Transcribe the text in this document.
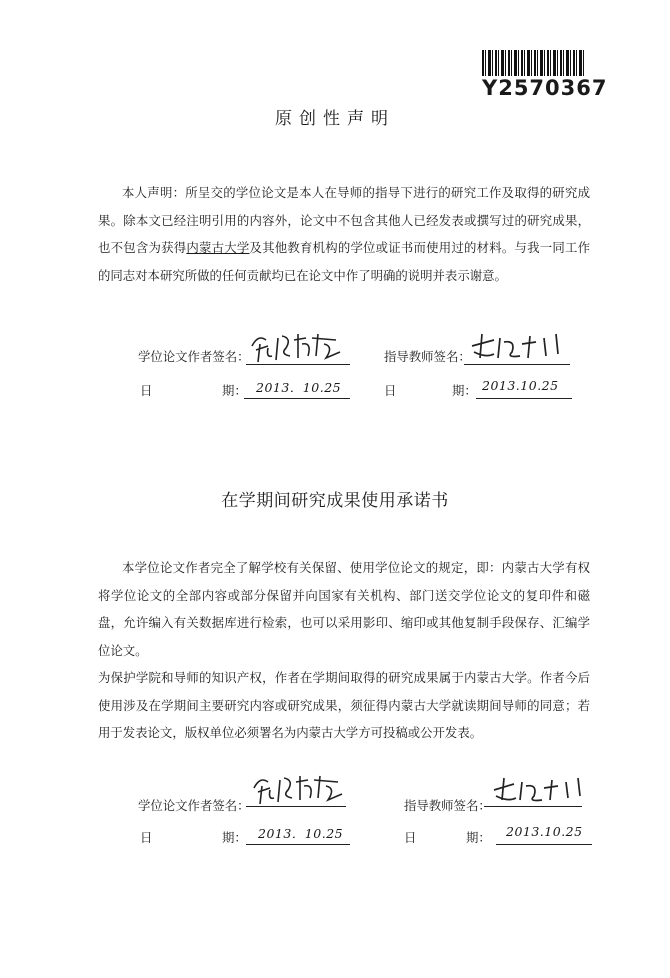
Y2570367
原创性声明
本人声明：所呈交的学位论文是本人在导师的指导下进行的研究工作及取得的研究成果。除本文已经注明引用的内容外，论文中不包含其他人已经发表或撰写过的研究成果，也不包含为获得内蒙古大学及其他教育机构的学位或证书而使用过的材料。与我一同工作的同志对本研究所做的任何贡献均已在论文中作了明确的说明并表示谢意。
学位论文作者签名：	指导教师签名：
日	期： 2013．10.25	日	期： 2013.10.25
在学期间研究成果使用承诺书
本学位论文作者完全了解学校有关保留、使用学位论文的规定，即：内蒙古大学有权将学位论文的全部内容或部分保留并向国家有关机构、部门送交学位论文的复印件和磁盘，允许编入有关数据库进行检索，也可以采用影印、缩印或其他复制手段保存、汇编学位论文。
为保护学院和导师的知识产权，作者在学期间取得的研究成果属于内蒙古大学。作者今后使用涉及在学期间主要研究内容或研究成果，须征得内蒙古大学就读期间导师的同意；若用于发表论文，版权单位必须署名为内蒙古大学方可投稿或公开发表。
学位论文作者签名：	指导教师签名：
日	期： 2013．10.25	日	期： 2013.10.25
